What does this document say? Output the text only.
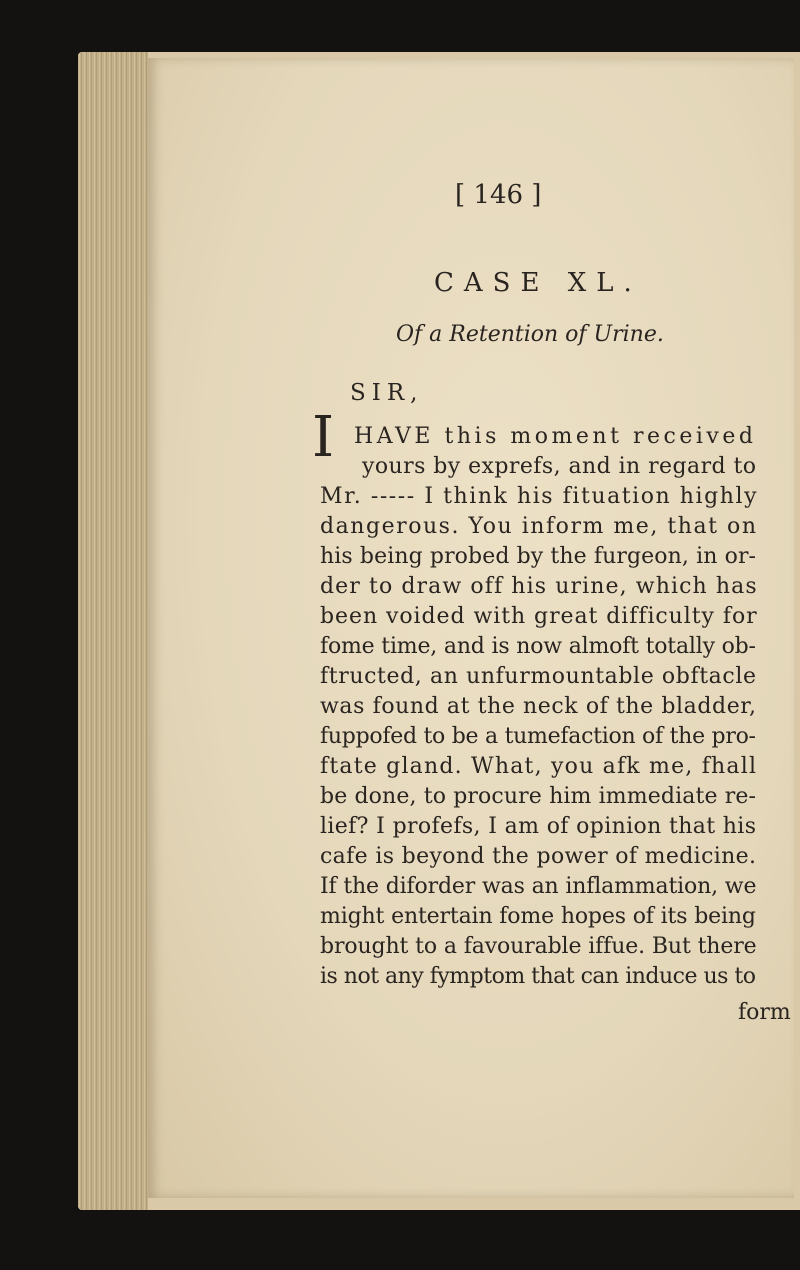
[ 146 ]
CASE XL.
Of a Retention of Urine.
SIR,
I HAVE this moment received
yours by exprefs, and in regard to
Mr. ----- I think his fituation highly
dangerous. You inform me, that on
his being probed by the furgeon, in or-
der to draw off his urine, which has
been voided with great difficulty for
fome time, and is now almoft totally ob-
ftructed, an unfurmountable obftacle
was found at the neck of the bladder,
fuppofed to be a tumefaction of the pro-
ftate gland. What, you afk me, fhall
be done, to procure him immediate re-
lief? I profefs, I am of opinion that his
cafe is beyond the power of medicine.
If the diforder was an inflammation, we
might entertain fome hopes of its being
brought to a favourable iffue. But there
is not any fymptom that can induce us to
form
